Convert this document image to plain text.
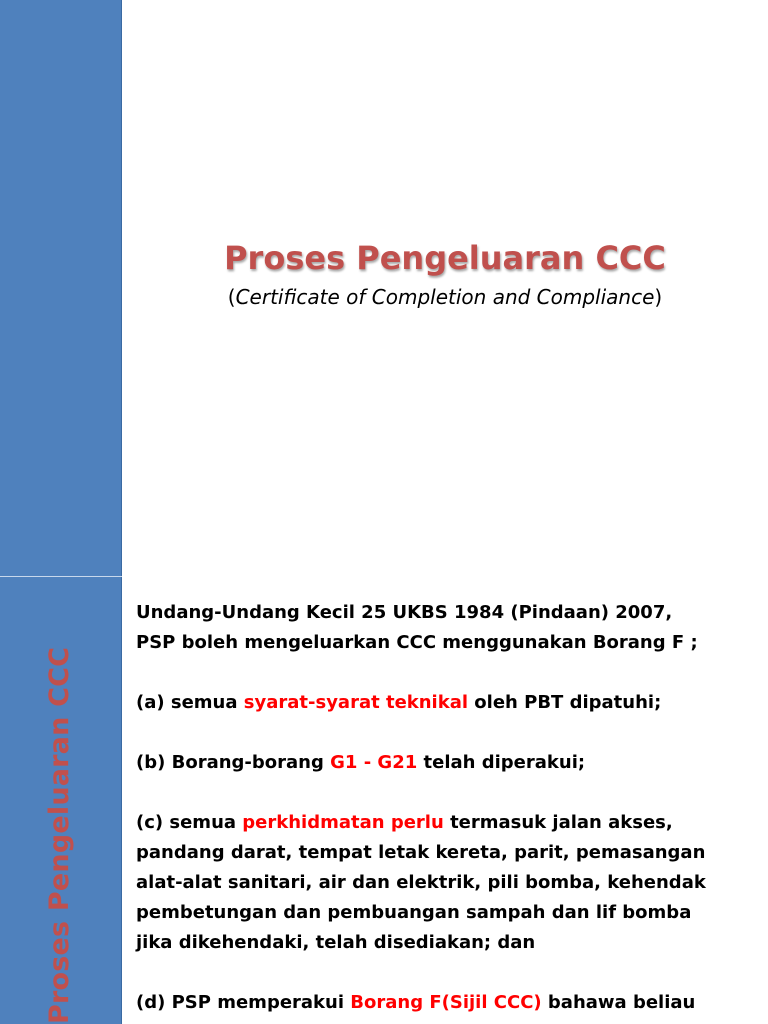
Proses Pengeluaran CCC
Proses Pengeluaran CCC

(Certificate of Completion and Compliance)

Undang-Undang Kecil 25 UKBS 1984 (Pindaan) 2007,

PSP boleh mengeluarkan CCC menggunakan Borang F ;

(a) semua syarat-syarat teknikal oleh PBT dipatuhi;

(b) Borang-borang G1 - G21 telah diperakui;

(c) semua perkhidmatan perlu termasuk jalan akses,

pandang darat, tempat letak kereta, parit, pemasangan

alat-alat sanitari, air dan elektrik, pili bomba, kehendak

pembetungan dan pembuangan sampah dan lif bomba

jika dikehendaki, telah disediakan; dan

(d) PSP memperakui Borang F(Sijil CCC) bahawa beliau
